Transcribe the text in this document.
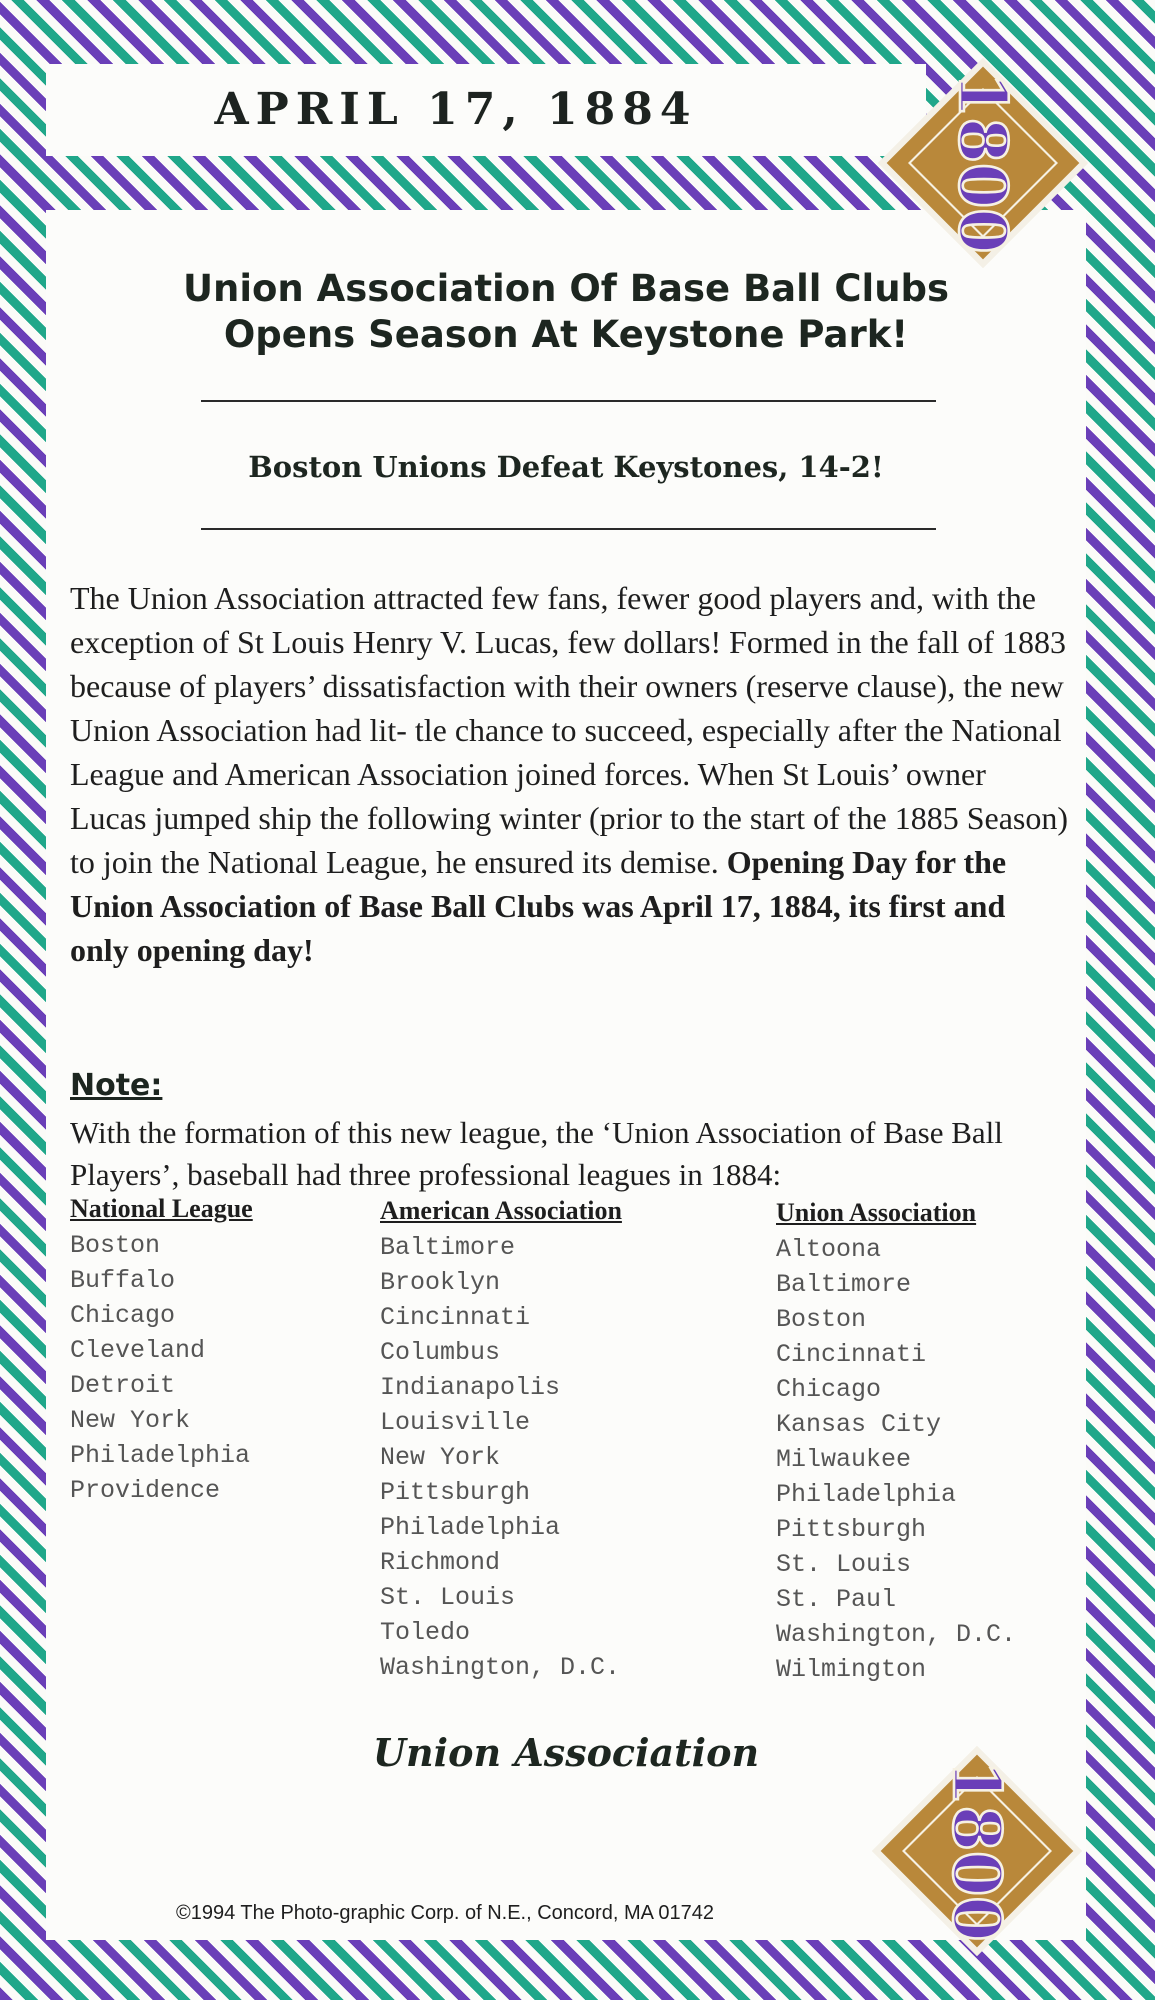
APRIL 17, 1884
Union Association Of Base Ball Clubs
Opens Season At Keystone Park!
Boston Unions Defeat Keystones, 14-2!

The Union Association attracted few fans, fewer good players and, with the exception of St Louis Henry V. Lucas, few dollars! Formed in the fall of 1883 because of players’ dissatisfaction with their owners (reserve clause), the new Union Association had lit- tle chance to succeed, especially after the National League and American Association joined forces. When St Louis’ owner Lucas jumped ship the following winter (prior to the start of the 1885 Season) to join the National League, he ensured its demise. Opening Day for the Union Association of Base Ball Clubs was April 17, 1884, its first and only opening day!

Note:

With the formation of this new league, the ‘Union Association of Base Ball Players’, baseball had three professional leagues in 1884:

National League
Boston
Buffalo
Chicago
Cleveland
Detroit
New York
Philadelphia
Providence
American Association
Baltimore
Brooklyn
Cincinnati
Columbus
Indianapolis
Louisville
New York
Pittsburgh
Philadelphia
Richmond
St. Louis
Toledo
Washington, D.C.
Union Association
Altoona
Baltimore
Boston
Cincinnati
Chicago
Kansas City
Milwaukee
Philadelphia
Pittsburgh
St. Louis
St. Paul
Washington, D.C.
Wilmington
Union Association
©1994 The Photo-graphic Corp. of N.E., Concord, MA 01742
1800
1800
